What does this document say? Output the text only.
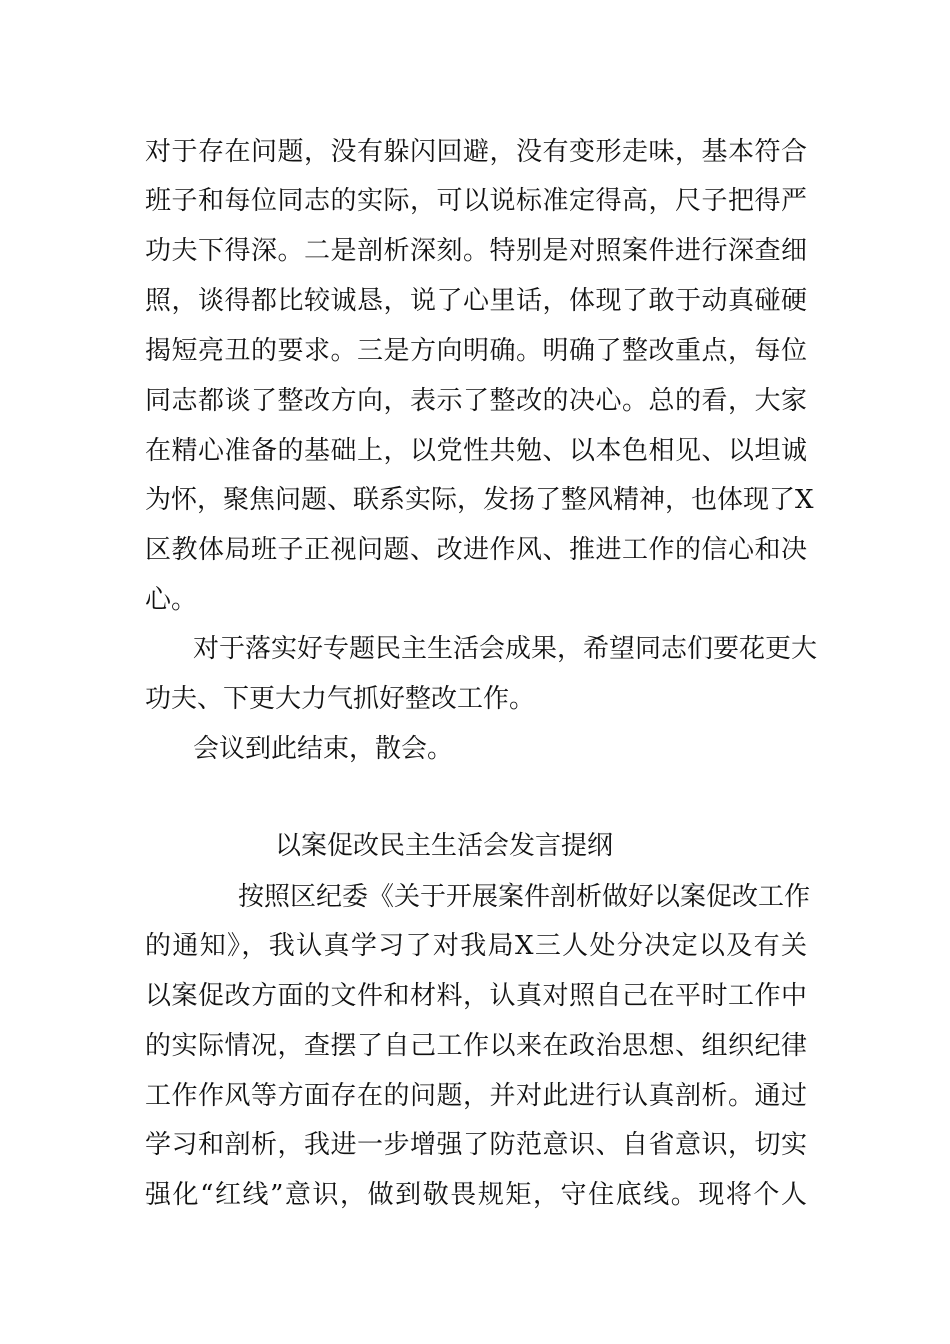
对于存在问题，没有躲闪回避，没有变形走味，基本符合
班子和每位同志的实际，可以说标准定得高，尺子把得严
功夫下得深。二是剖析深刻。特别是对照案件进行深查细
照，谈得都比较诚恳，说了心里话，体现了敢于动真碰硬
揭短亮丑的要求。三是方向明确。明确了整改重点，每位
同志都谈了整改方向，表示了整改的决心。总的看，大家
在精心准备的基础上，以党性共勉、以本色相见、以坦诚
为怀，聚焦问题、联系实际，发扬了整风精神，也体现了X
区教体局班子正视问题、改进作风、推进工作的信心和决
心。
对于落实好专题民主生活会成果，希望同志们要花更大
功夫、下更大力气抓好整改工作。
会议到此结束，散会。
以案促改民主生活会发言提纲
按照区纪委《关于开展案件剖析做好以案促改工作
的通知》，我认真学习了对我局X三人处分决定以及有关
以案促改方面的文件和材料，认真对照自己在平时工作中
的实际情况，查摆了自己工作以来在政治思想、组织纪律
工作作风等方面存在的问题，并对此进行认真剖析。通过
学习和剖析，我进一步增强了防范意识、自省意识，切实
强化“红线”意识，做到敬畏规矩，守住底线。现将个人
